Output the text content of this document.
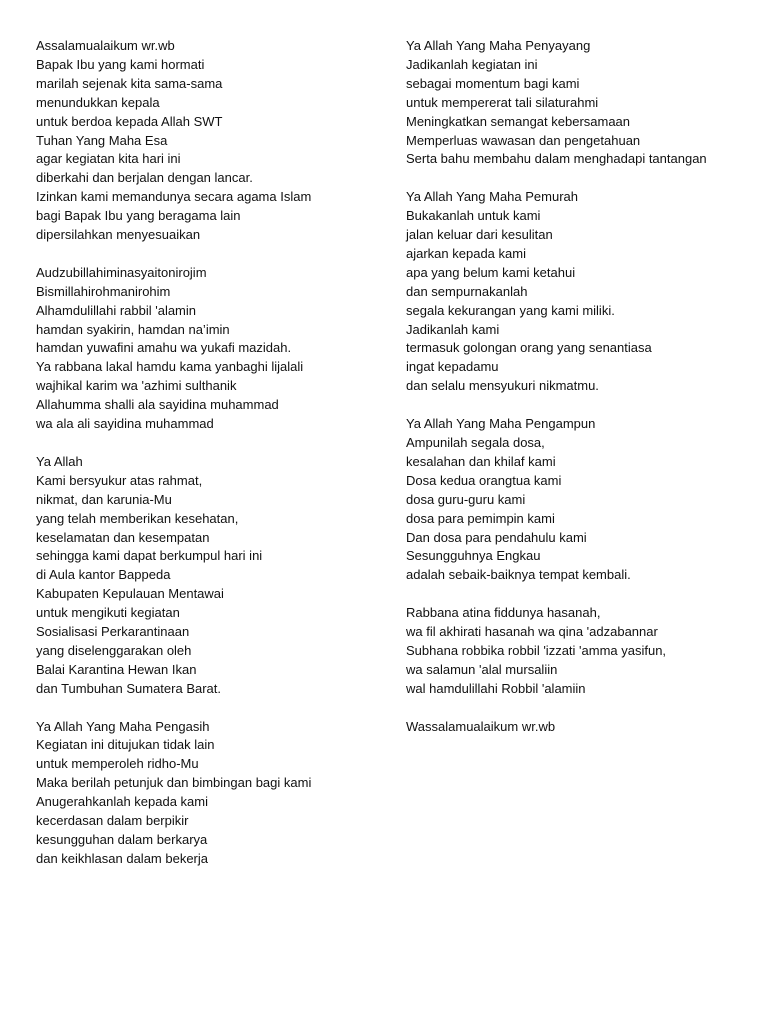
Assalamualaikum wr.wb
Bapak Ibu yang kami hormati
marilah sejenak kita sama-sama
menundukkan kepala
untuk berdoa kepada Allah SWT
Tuhan Yang Maha Esa
agar kegiatan kita hari ini
diberkahi dan berjalan dengan lancar.
Izinkan kami memandunya secara agama Islam
bagi Bapak Ibu yang beragama lain
dipersilahkan menyesuaikan
Audzubillahiminasyaitonirojim
Bismillahirohmanirohim
Alhamdulillahi rabbil 'alamin
hamdan syakirin, hamdan na’imin
hamdan yuwafini amahu wa yukafi mazidah.
Ya rabbana lakal hamdu kama yanbaghi lijalali
wajhikal karim wa 'azhimi sulthanik
Allahumma shalli ala sayidina muhammad
wa ala ali sayidina muhammad
Ya Allah
Kami bersyukur atas rahmat,
nikmat, dan karunia-Mu
yang telah memberikan kesehatan,
keselamatan dan kesempatan
sehingga kami dapat berkumpul hari ini
di Aula kantor Bappeda
Kabupaten Kepulauan Mentawai
untuk mengikuti kegiatan
Sosialisasi Perkarantinaan
yang diselenggarakan oleh
Balai Karantina Hewan Ikan
dan Tumbuhan Sumatera Barat.
Ya Allah Yang Maha Pengasih
Kegiatan ini ditujukan tidak lain
untuk memperoleh ridho-Mu
Maka berilah petunjuk dan bimbingan bagi kami
Anugerahkanlah kepada kami
kecerdasan dalam berpikir
kesungguhan dalam berkarya
dan keikhlasan dalam bekerja
Ya Allah Yang Maha Penyayang
Jadikanlah kegiatan ini
sebagai momentum bagi kami
untuk mempererat tali silaturahmi
Meningkatkan semangat kebersamaan
Memperluas wawasan dan pengetahuan
Serta bahu membahu dalam menghadapi tantangan
Ya Allah Yang Maha Pemurah
Bukakanlah untuk kami
jalan keluar dari kesulitan
ajarkan kepada kami
apa yang belum kami ketahui
dan sempurnakanlah
segala kekurangan yang kami miliki.
Jadikanlah kami
termasuk golongan orang yang senantiasa
ingat kepadamu
dan selalu mensyukuri nikmatmu.
Ya Allah Yang Maha Pengampun
Ampunilah segala dosa,
kesalahan dan khilaf kami
Dosa kedua orangtua kami
dosa guru-guru kami
dosa para pemimpin kami
Dan dosa para pendahulu kami
Sesungguhnya Engkau
adalah sebaik-baiknya tempat kembali.
Rabbana atina fiddunya hasanah,
wa fil akhirati hasanah wa qina 'adzabannar
Subhana robbika robbil 'izzati 'amma yasifun,
wa salamun 'alal mursaliin
wal hamdulillahi Robbil 'alamiin
Wassalamualaikum wr.wb
